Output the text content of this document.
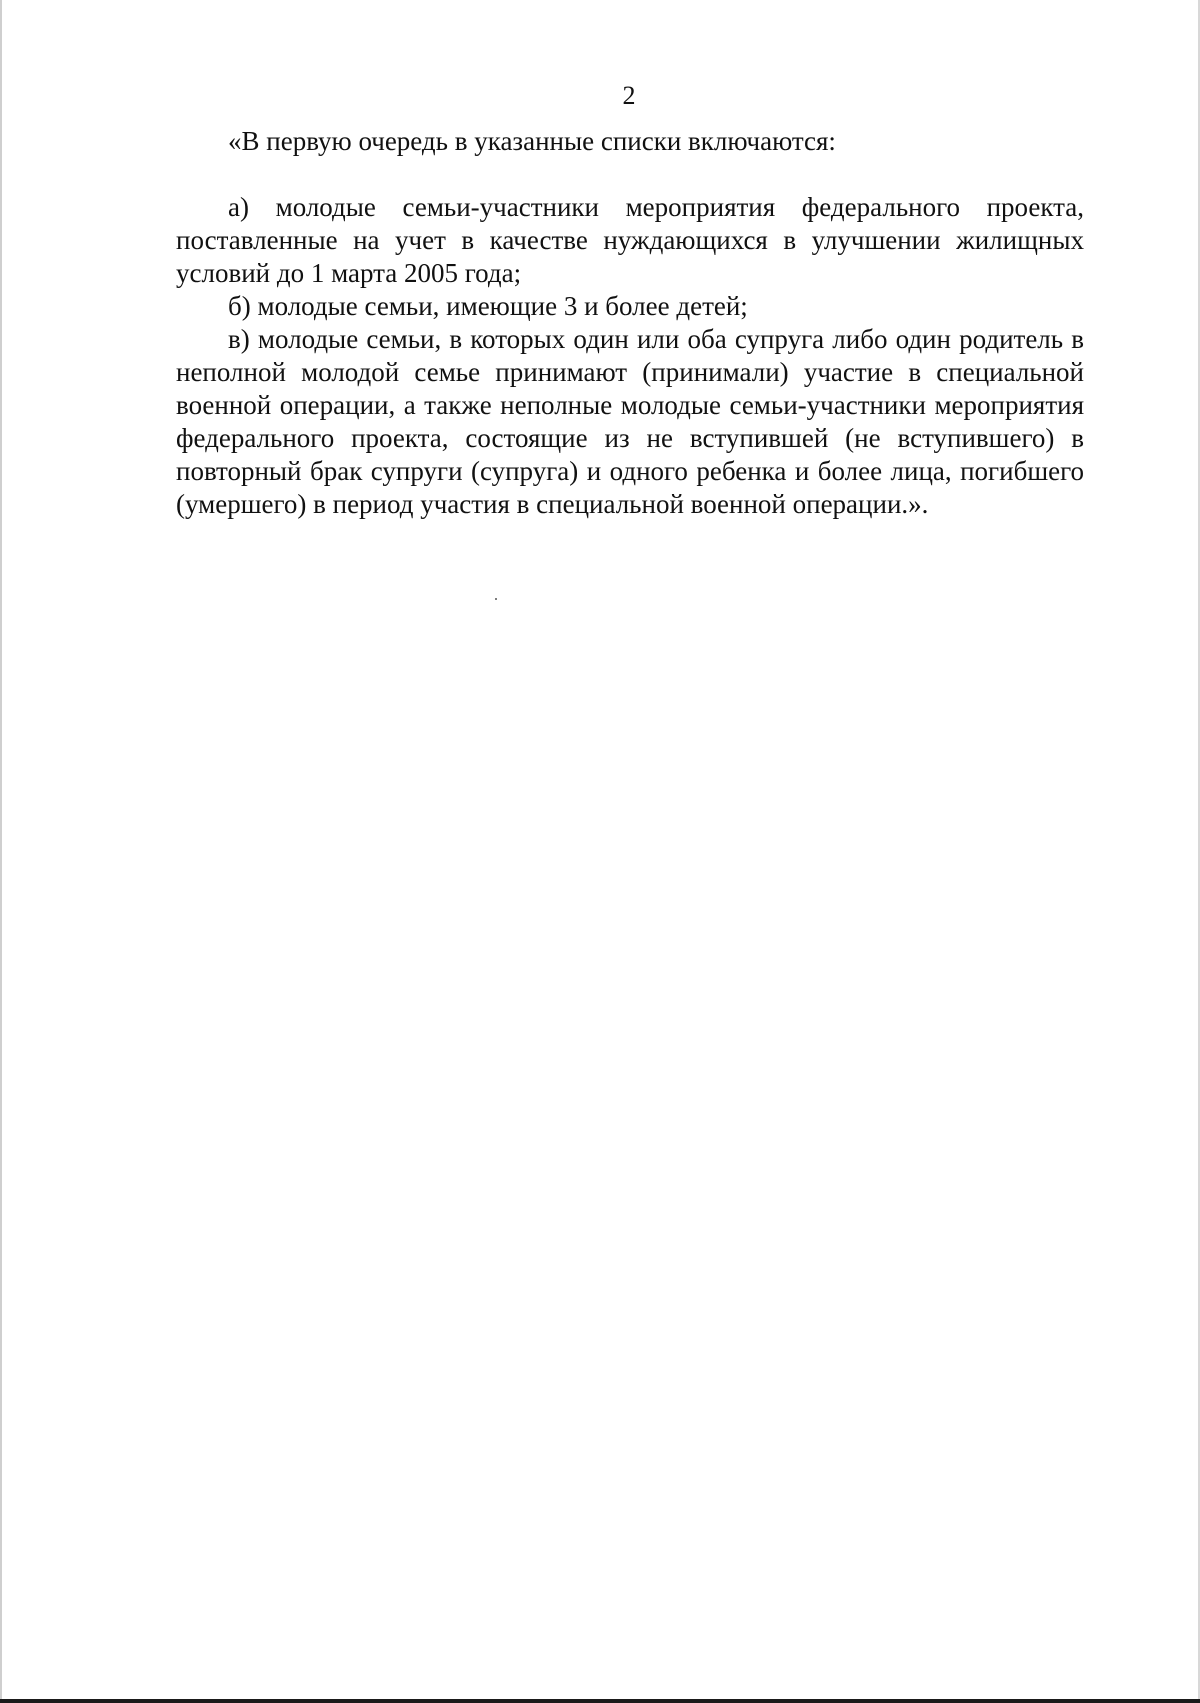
2

«В первую очередь в указанные списки включаются:

а) молодые семьи-участники мероприятия федерального проекта, поставленные на учет в качестве нуждающихся в улучшении жилищных условий до 1 марта 2005 года;

б) молодые семьи, имеющие 3 и более детей;

в) молодые семьи, в которых один или оба супруга либо один родитель в неполной молодой семье принимают (принимали) участие в специальной военной операции, а также неполные молодые семьи-участники мероприятия федерального проекта, состоящие из не вступившей (не вступившего) в повторный брак супруги (супруга) и одного ребенка и более лица, погибшего (умершего) в период участия в специальной военной операции.».
